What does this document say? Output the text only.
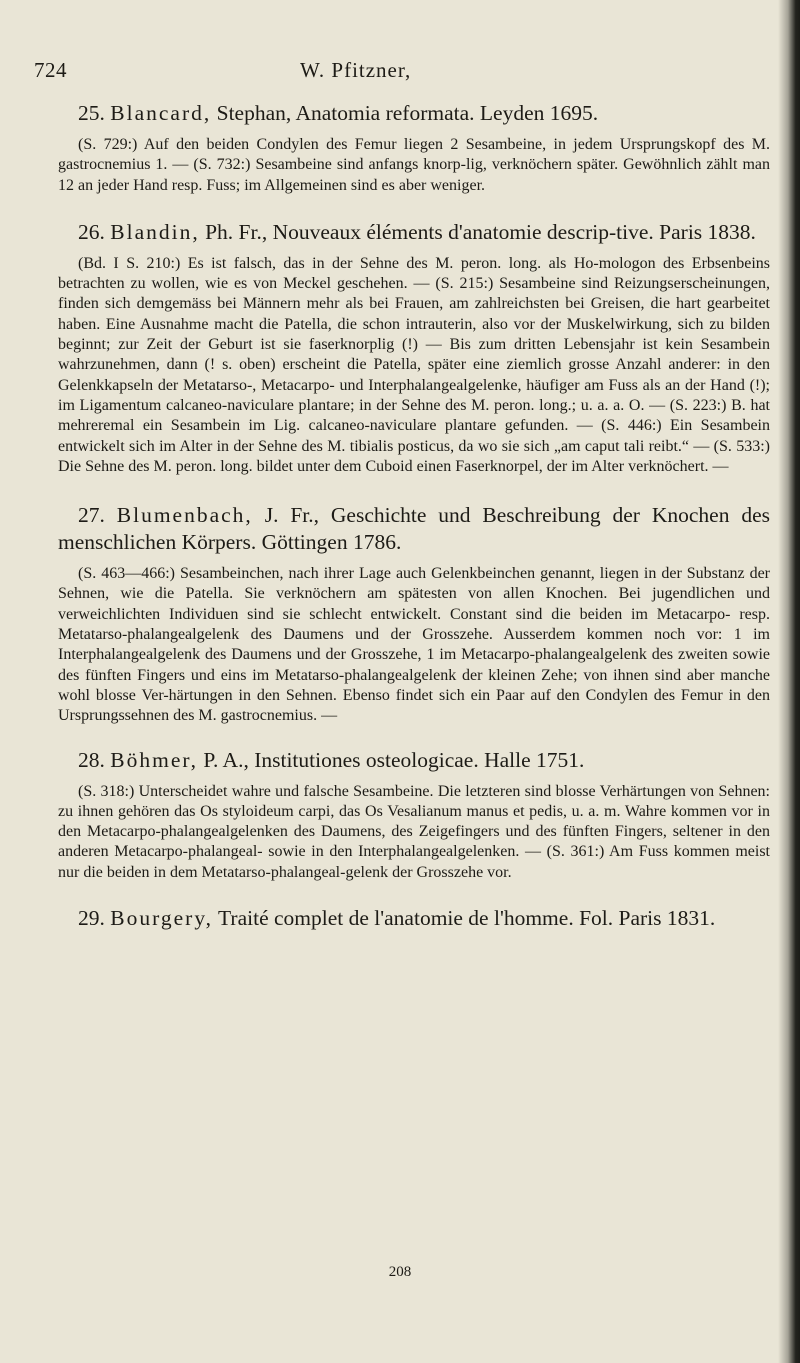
724	W. Pfitzner,

25. Blancard, Stephan, Anatomia reformata. Leyden 1695.

(S. 729:) Auf den beiden Condylen des Femur liegen 2 Sesambeine, in jedem Ursprungskopf des M. gastrocnemius 1. — (S. 732:) Sesambeine sind anfangs knorp-lig, verknöchern später. Gewöhnlich zählt man 12 an jeder Hand resp. Fuss; im Allgemeinen sind es aber weniger.

26. Blandin, Ph. Fr., Nouveaux éléments d'anatomie descrip-tive. Paris 1838.

(Bd. I S. 210:) Es ist falsch, das in der Sehne des M. peron. long. als Ho-mologon des Erbsenbeins betrachten zu wollen, wie es von Meckel geschehen. — (S. 215:) Sesambeine sind Reizungserscheinungen, finden sich demgemäss bei Männern mehr als bei Frauen, am zahlreichsten bei Greisen, die hart gearbeitet haben. Eine Ausnahme macht die Patella, die schon intrauterin, also vor der Muskelwirkung, sich zu bilden beginnt; zur Zeit der Geburt ist sie faserknorplig (!) — Bis zum dritten Lebensjahr ist kein Sesambein wahrzunehmen, dann (! s. oben) erscheint die Patella, später eine ziemlich grosse Anzahl anderer: in den Gelenkkapseln der Metatarso-, Metacarpo- und Interphalangealgelenke, häufiger am Fuss als an der Hand (!); im Ligamentum calcaneo-naviculare plantare; in der Sehne des M. peron. long.; u. a. a. O. — (S. 223:) B. hat mehreremal ein Sesambein im Lig. calcaneo-naviculare plantare gefunden. — (S. 446:) Ein Sesambein entwickelt sich im Alter in der Sehne des M. tibialis posticus, da wo sie sich „am caput tali reibt.“ — (S. 533:) Die Sehne des M. peron. long. bildet unter dem Cuboid einen Faserknorpel, der im Alter verknöchert. —

27. Blumenbach, J. Fr., Geschichte und Beschreibung der Knochen des menschlichen Körpers. Göttingen 1786.

(S. 463—466:) Sesambeinchen, nach ihrer Lage auch Gelenkbeinchen genannt, liegen in der Substanz der Sehnen, wie die Patella. Sie verknöchern am spätesten von allen Knochen. Bei jugendlichen und verweichlichten Individuen sind sie schlecht entwickelt. Constant sind die beiden im Metacarpo- resp. Metatarso-phalangealgelenk des Daumens und der Grosszehe. Ausserdem kommen noch vor: 1 im Interphalangealgelenk des Daumens und der Grosszehe, 1 im Metacarpo-phalangealgelenk des zweiten sowie des fünften Fingers und eins im Metatarso-phalangealgelenk der kleinen Zehe; von ihnen sind aber manche wohl blosse Ver-härtungen in den Sehnen. Ebenso findet sich ein Paar auf den Condylen des Femur in den Ursprungssehnen des M. gastrocnemius. —

28. Böhmer, P. A., Institutiones osteologicae. Halle 1751.

(S. 318:) Unterscheidet wahre und falsche Sesambeine. Die letzteren sind blosse Verhärtungen von Sehnen: zu ihnen gehören das Os styloideum carpi, das Os Vesalianum manus et pedis, u. a. m. Wahre kommen vor in den Metacarpo-phalangealgelenken des Daumens, des Zeigefingers und des fünften Fingers, seltener in den anderen Metacarpo-phalangeal- sowie in den Interphalangealgelenken. — (S. 361:) Am Fuss kommen meist nur die beiden in dem Metatarso-phalangeal-gelenk der Grosszehe vor.

29. Bourgery, Traité complet de l'anatomie de l'homme. Fol. Paris 1831.

208
